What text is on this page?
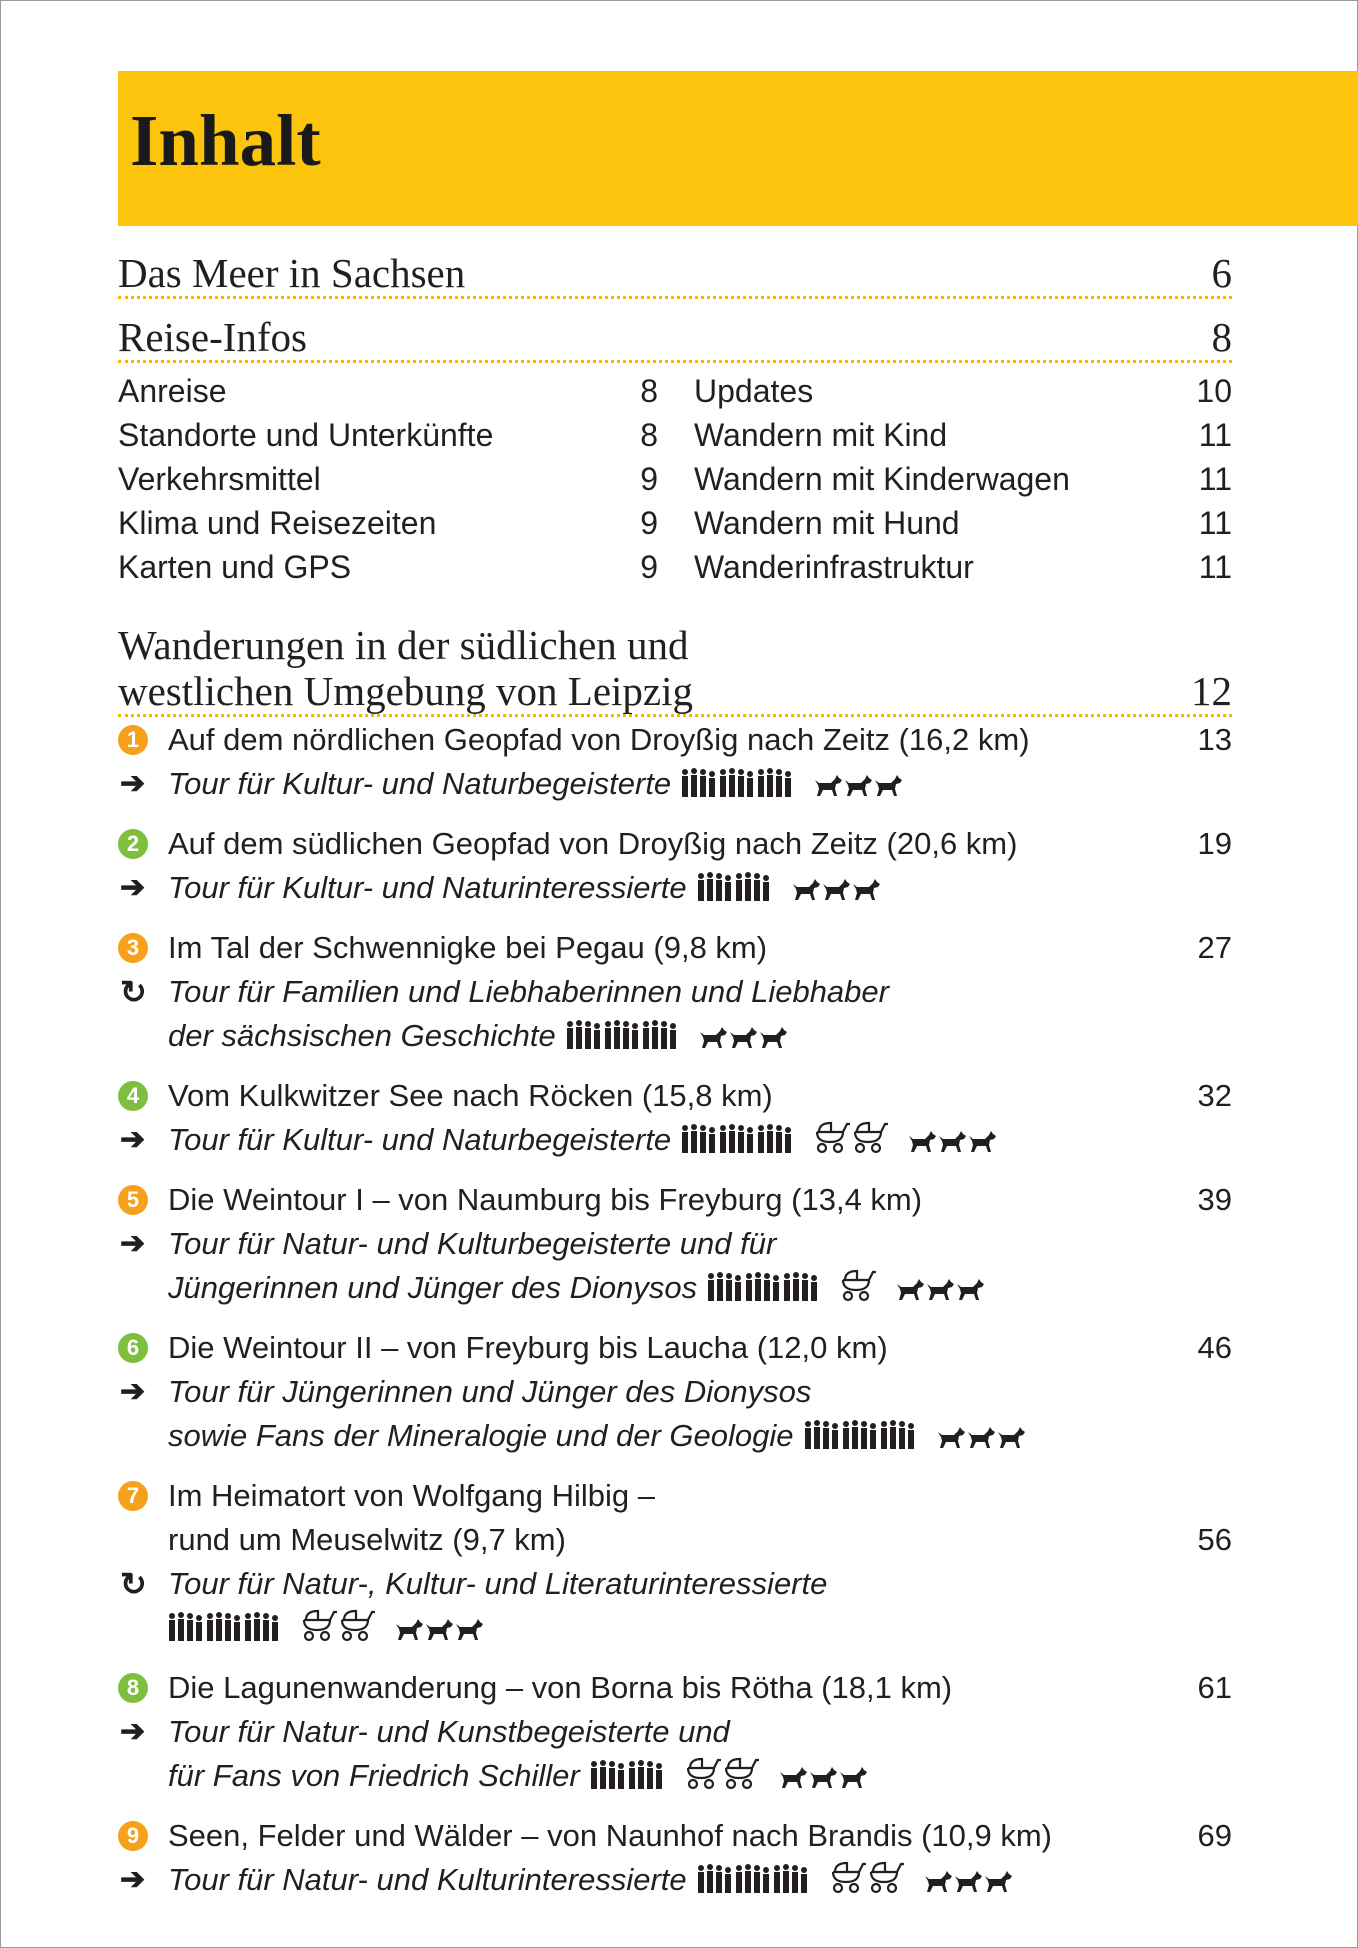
Inhalt
Das Meer in Sachsen	6
Reise-Infos	8
Anreise	8
Standorte und Unterkünfte	8
Verkehrsmittel	9
Klima und Reisezeiten	9
Karten und GPS	9
Updates	10
Wandern mit Kind	11
Wandern mit Kinderwagen	11
Wandern mit Hund	11
Wanderinfrastruktur	11
Wanderungen in der südlichen und
westlichen Umgebung von Leipzig	12
1 Auf dem nördlichen Geopfad von Droyßig nach Zeitz (16,2 km)	13
➔ Tour für Kultur- und Naturbegeisterte
2 Auf dem südlichen Geopfad von Droyßig nach Zeitz (20,6 km)	19
➔ Tour für Kultur- und Naturinteressierte
3 Im Tal der Schwennigke bei Pegau (9,8 km)	27
↻ Tour für Familien und Liebhaberinnen und Liebhaber
der sächsischen Geschichte
4 Vom Kulkwitzer See nach Röcken (15,8 km)	32
➔ Tour für Kultur- und Naturbegeisterte
5 Die Weintour I – von Naumburg bis Freyburg (13,4 km)	39
➔ Tour für Natur- und Kulturbegeisterte und für
Jüngerinnen und Jünger des Dionysos
6 Die Weintour II – von Freyburg bis Laucha (12,0 km)	46
➔ Tour für Jüngerinnen und Jünger des Dionysos
sowie Fans der Mineralogie und der Geologie
7 Im Heimatort von Wolfgang Hilbig –
rund um Meuselwitz (9,7 km)	56
↻ Tour für Natur-, Kultur- und Literaturinteressierte
8 Die Lagunenwanderung – von Borna bis Rötha (18,1 km)	61
➔ Tour für Natur- und Kunstbegeisterte und
für Fans von Friedrich Schiller
9 Seen, Felder und Wälder – von Naunhof nach Brandis (10,9 km)	69
➔ Tour für Natur- und Kulturinteressierte
